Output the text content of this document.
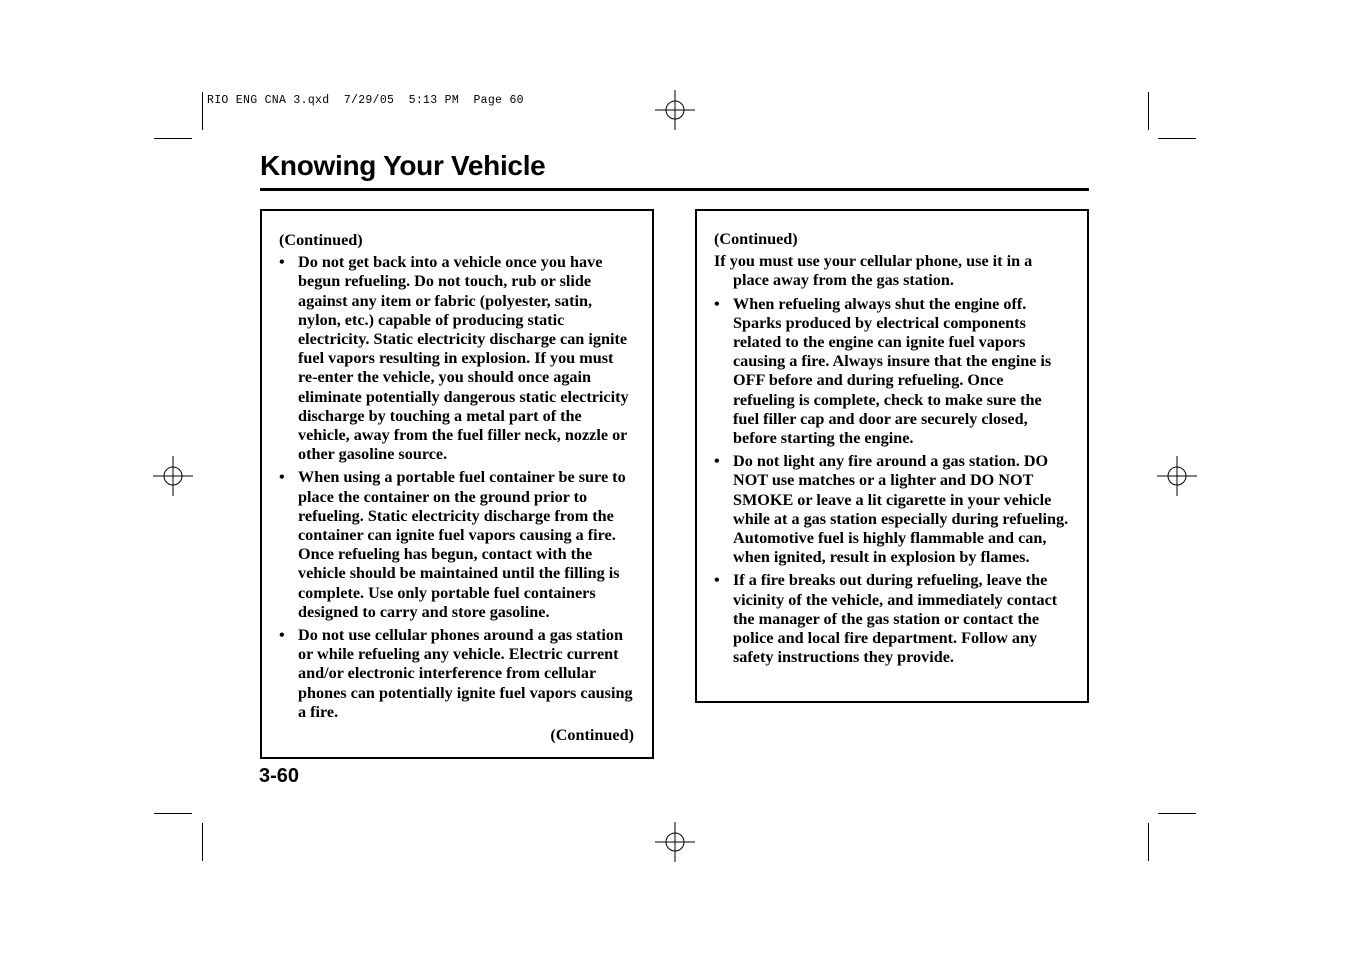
RIO ENG CNA 3.qxd  7/29/05  5:13 PM  Page 60
Knowing Your Vehicle
(Continued)
• Do not get back into a vehicle once you have begun refueling. Do not touch, rub or slide against any item or fabric (polyester, satin, nylon, etc.) capable of producing static electricity. Static electricity discharge can ignite fuel vapors resulting in explosion. If you must re-enter the vehicle, you should once again eliminate potentially dangerous static electricity discharge by touching a metal part of the vehicle, away from the fuel filler neck, nozzle or other gasoline source.
• When using a portable fuel container be sure to place the container on the ground prior to refueling. Static electricity discharge from the container can ignite fuel vapors causing a fire. Once refueling has begun, contact with the vehicle should be maintained until the filling is complete. Use only portable fuel containers designed to carry and store gasoline.
• Do not use cellular phones around a gas station or while refueling any vehicle. Electric current and/or electronic interference from cellular phones can potentially ignite fuel vapors causing a fire.
(Continued)
(Continued)
If you must use your cellular phone, use it in a place away from the gas station.
• When refueling always shut the engine off. Sparks produced by electrical components related to the engine can ignite fuel vapors causing a fire. Always insure that the engine is OFF before and during refueling. Once refueling is complete, check to make sure the fuel filler cap and door are securely closed, before starting the engine.
• Do not light any fire around a gas station. DO NOT use matches or a lighter and DO NOT SMOKE or leave a lit cigarette in your vehicle while at a gas station especially during refueling. Automotive fuel is highly flammable and can, when ignited, result in explosion by flames.
• If a fire breaks out during refueling, leave the vicinity of the vehicle, and immediately contact the manager of the gas station or contact the police and local fire department. Follow any safety instructions they provide.
3-60
